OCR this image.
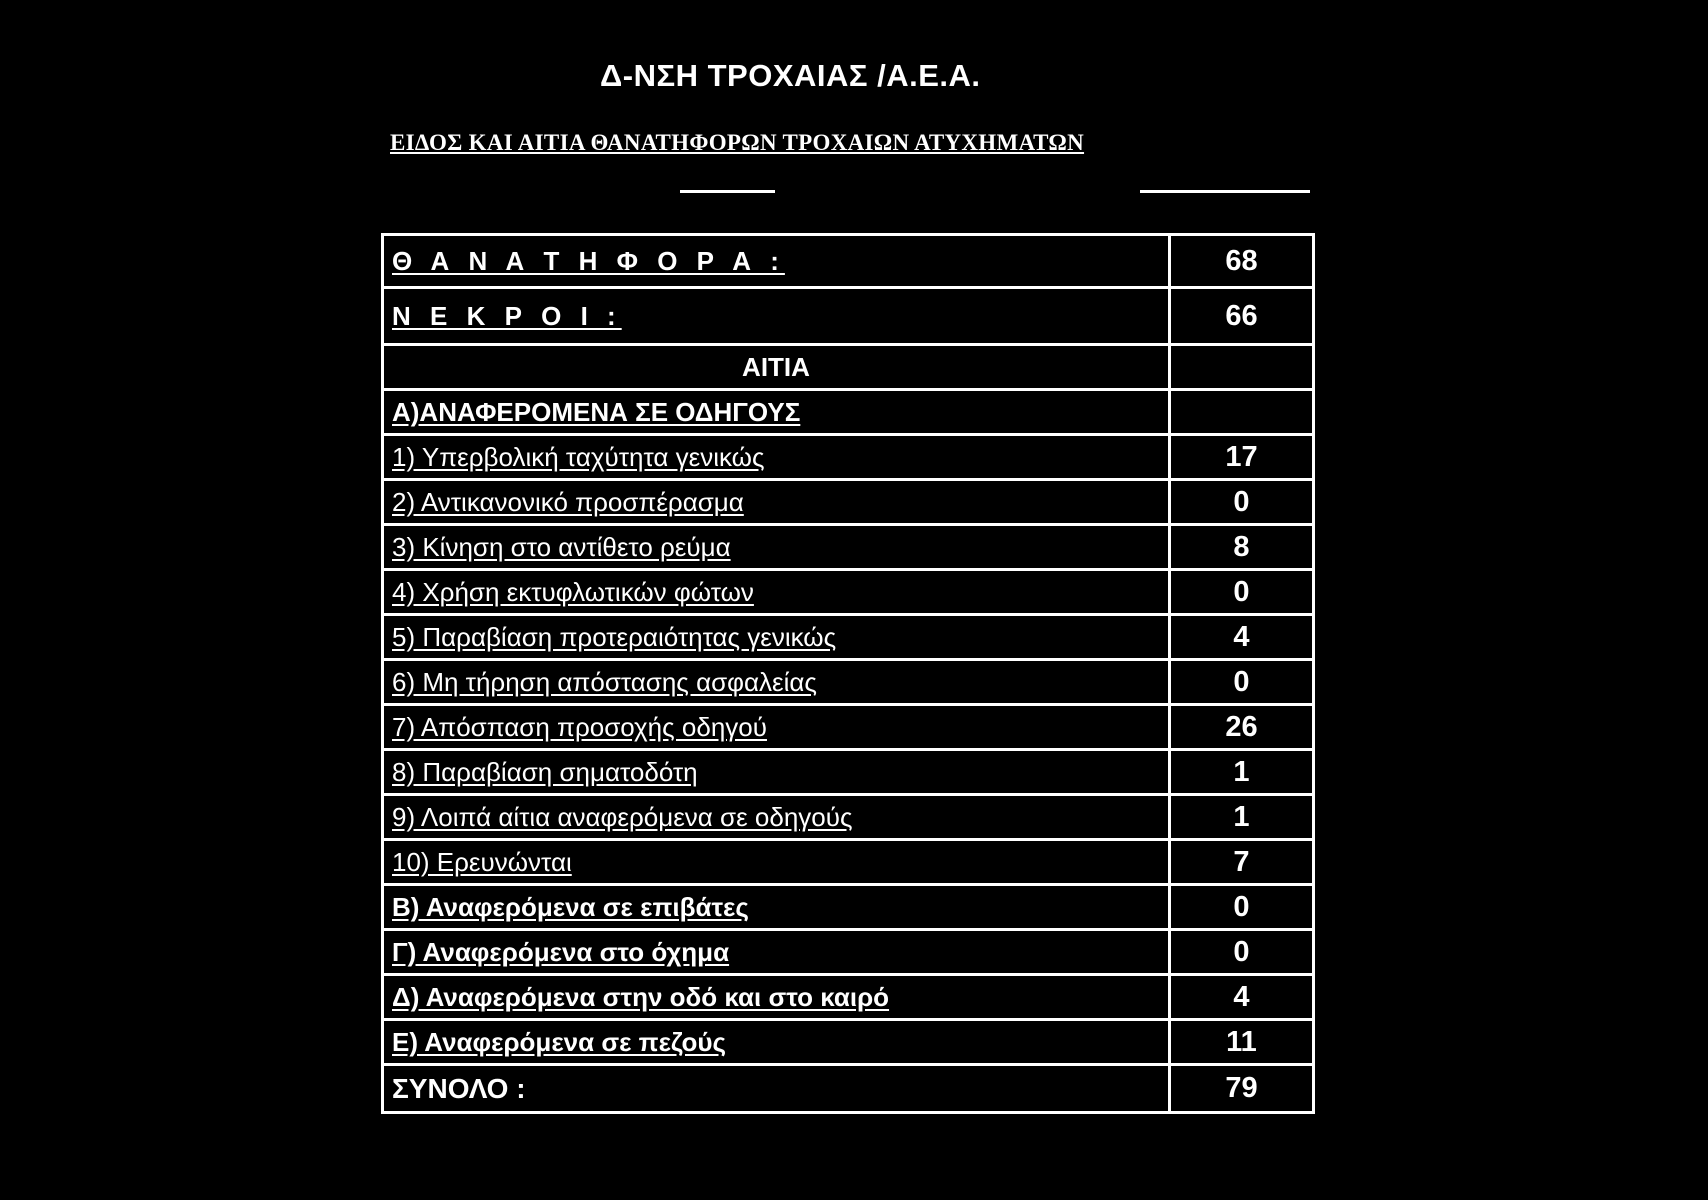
Δ-ΝΣΗ ΤΡΟΧΑΙΑΣ /Α.Ε.Α.
ΕΙΔΟΣ ΚΑΙ ΑΙΤΙΑ ΘΑΝΑΤΗΦΟΡΩΝ ΤΡΟΧΑΙΩΝ ΑΤΥΧΗΜΑΤΩΝ
Θ Α Ν Α Τ Η Φ Ο Ρ Α :	68
Ν Ε Κ Ρ Ο Ι :	66
ΑΙΤΙΑ
Α)ΑΝΑΦΕΡΟΜΕΝΑ ΣΕ ΟΔΗΓΟΥΣ
1) Υπερβολική ταχύτητα γενικώς	17
2) Αντικανονικό προσπέρασμα	0
3) Κίνηση στο αντίθετο ρεύμα	8
4) Χρήση εκτυφλωτικών φώτων	0
5) Παραβίαση προτεραιότητας γενικώς	4
6) Μη τήρηση απόστασης ασφαλείας	0
7) Απόσπαση προσοχής οδηγού	26
8) Παραβίαση σηματοδότη	1
9) Λοιπά αίτια αναφερόμενα σε οδηγούς	1
10) Ερευνώνται	7
Β) Αναφερόμενα σε επιβάτες	0
Γ) Αναφερόμενα στο όχημα	0
Δ) Αναφερόμενα στην οδό και στο καιρό	4
Ε) Αναφερόμενα σε πεζούς	11
ΣΥΝΟΛΟ :	79
